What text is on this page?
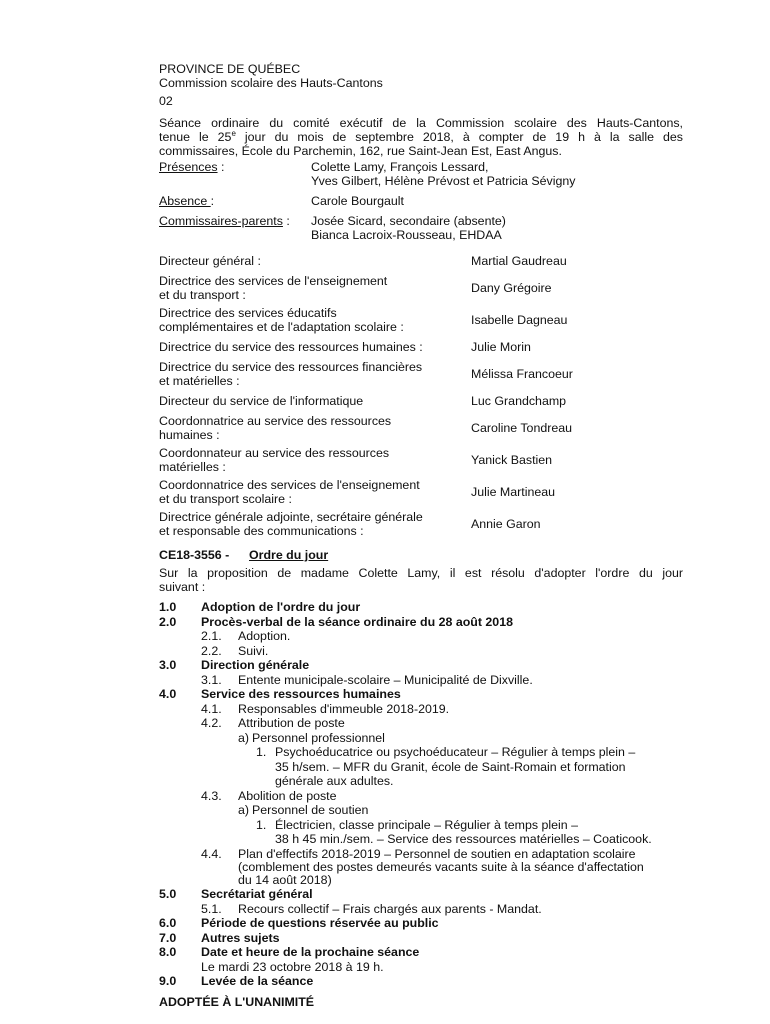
PROVINCE DE QUÉBEC
Commission scolaire des Hauts-Cantons
02
Séance ordinaire du comité exécutif de la Commission scolaire des Hauts-Cantons,
tenue le 25e jour du mois de septembre 2018, à compter de 19 h à la salle des
commissaires, École du Parchemin, 162, rue Saint-Jean Est, East Angus.
Présences :	Colette Lamy, François Lessard,
Yves Gilbert, Hélène Prévost et Patricia Sévigny
Absence :	Carole Bourgault
Commissaires-parents :	Josée Sicard, secondaire (absente)
Bianca Lacroix-Rousseau, EHDAA
Directeur général :	Martial Gaudreau
Directrice des services de l'enseignement
et du transport :	Dany Grégoire
Directrice des services éducatifs
complémentaires et de l'adaptation scolaire :	Isabelle Dagneau
Directrice du service des ressources humaines :	Julie Morin
Directrice du service des ressources financières
et matérielles :	Mélissa Francoeur
Directeur du service de l'informatique	Luc Grandchamp
Coordonnatrice au service des ressources
humaines :	Caroline Tondreau
Coordonnateur au service des ressources
matérielles :	Yanick Bastien
Coordonnatrice des services de l'enseignement
et du transport scolaire :	Julie Martineau
Directrice générale adjointe, secrétaire générale
et responsable des communications :	Annie Garon
CE18-3556 -	Ordre du jour
Sur la proposition de madame Colette Lamy, il est résolu d'adopter l'ordre du jour
suivant :
1.0	Adoption de l'ordre du jour
2.0	Procès-verbal de la séance ordinaire du 28 août 2018
2.1.	Adoption.
2.2.	Suivi.
3.0	Direction générale
3.1.	Entente municipale-scolaire – Municipalité de Dixville.
4.0	Service des ressources humaines
4.1.	Responsables d'immeuble 2018-2019.
4.2.	Attribution de poste
a) Personnel professionnel
1. Psychoéducatrice ou psychoéducateur – Régulier à temps plein –
35 h/sem. – MFR du Granit, école de Saint-Romain et formation
générale aux adultes.
4.3.	Abolition de poste
a) Personnel de soutien
1. Électricien, classe principale – Régulier à temps plein –
38 h 45 min./sem. – Service des ressources matérielles – Coaticook.
4.4.	Plan d'effectifs 2018-2019 – Personnel de soutien en adaptation scolaire
(comblement des postes demeurés vacants suite à la séance d'affectation
du 14 août 2018)
5.0	Secrétariat général
5.1.	Recours collectif – Frais chargés aux parents - Mandat.
6.0	Période de questions réservée au public
7.0	Autres sujets
8.0	Date et heure de la prochaine séance
Le mardi 23 octobre 2018 à 19 h.
9.0	Levée de la séance
ADOPTÉE À L'UNANIMITÉ
